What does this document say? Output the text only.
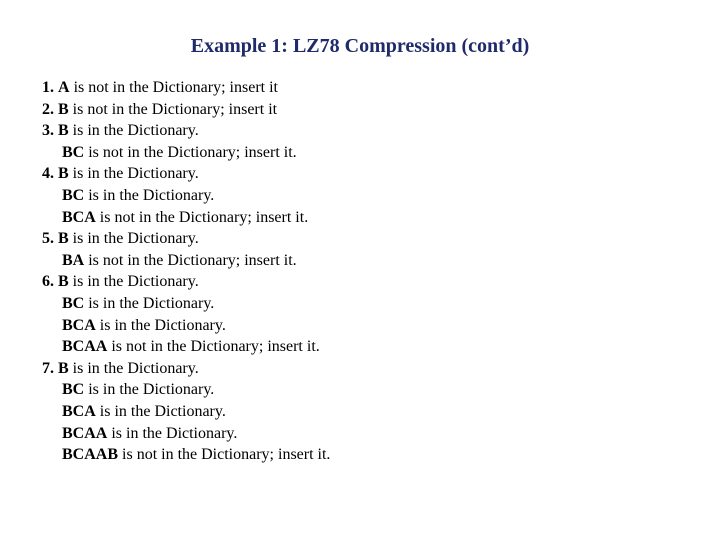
Example 1: LZ78 Compression (cont’d)
1. A is not in the Dictionary; insert it
2. B is not in the Dictionary; insert it
3. B is in the Dictionary.
BC is not in the Dictionary; insert it.
4. B is in the Dictionary.
BC is in the Dictionary.
BCA is not in the Dictionary; insert it.
5. B is in the Dictionary.
BA is not in the Dictionary; insert it.
6. B is in the Dictionary.
BC is in the Dictionary.
BCA is in the Dictionary.
BCAA is not in the Dictionary; insert it.
7. B is in the Dictionary.
BC is in the Dictionary.
BCA is in the Dictionary.
BCAA is in the Dictionary.
BCAAB is not in the Dictionary; insert it.
